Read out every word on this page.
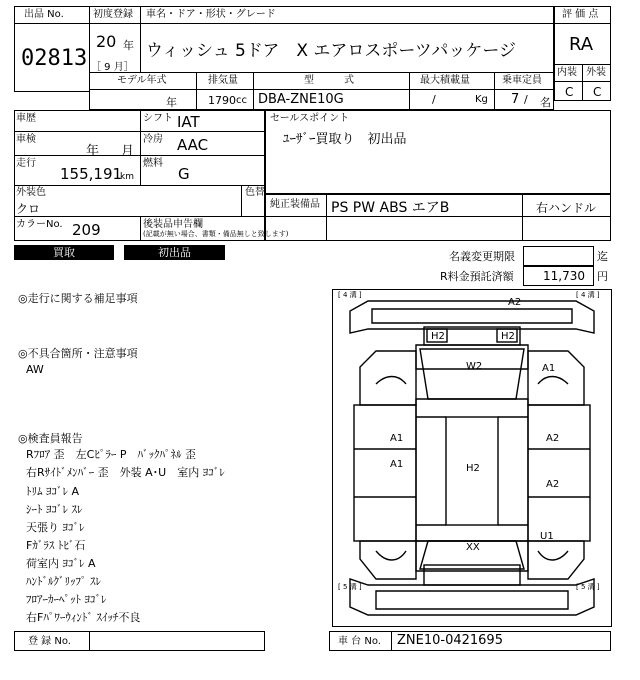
出品 No.
02813
初度登録
20 年
［ 9 月］
車名・ドア・形状・グレード
ウィッシュ 5ドア　X エアロスポーツパッケージ
評 価 点
RA
内装 外装
C C
モデル年式
年
排気量
1790 cc
型　　　式
DBA-ZNE10G
最大積載量
/	Kg
乗車定員
7 / 名
車歴
車検
年 月
走行
155,191
km
シフト IAT
冷房 AAC
燃料
G
外装色
クロ
色替
カラーNo. 209	後装品申告欄
(記載が無い場合、書類・備品無しと致します)
セールスポイント
ﾕｰｻﾞｰ買取り　初出品
純正装備品 PS PW ABS エアB	右ハンドル
買取	初出品	名義変更期限	迄
R料金預託済額 11,730 円
◎走行に関する補足事項
◎不具合箇所・注意事項
AW
◎検査員報告
Rﾌﾛｱ 歪　左Cﾋﾟﾗｰ P　ﾊﾞｯｸﾊﾟﾈﾙ 歪
右Rｻｲﾄﾞﾒﾝﾊﾞｰ 歪　外装 A･U　室内 ﾖｺﾞﾚ
ﾄﾘﾑ ﾖｺﾞﾚ A
ｼｰﾄ ﾖｺﾞﾚ ｽﾚ
天張り ﾖｺﾞﾚ
Fｶﾞﾗｽ ﾄﾋﾞ石
荷室内 ﾖｺﾞﾚ A
ﾊﾝﾄﾞﾙｸﾞﾘｯﾌﾟ ｽﾚ
ﾌﾛｱｰｶｰﾍﾟｯﾄ ﾖｺﾞﾚ
右Fﾊﾟﾜｰｳｨﾝﾄﾞ ｽｲｯﾁ不良
[ 4 溝 ]	[ 4 溝 ]
[ 5 溝 ]	[ 5 溝 ]
A2
H2	H2
W2	A1
A1
A1
A2
A2
H2
U1
XX
登 録 No.	車 台 No. ZNE10-0421695
